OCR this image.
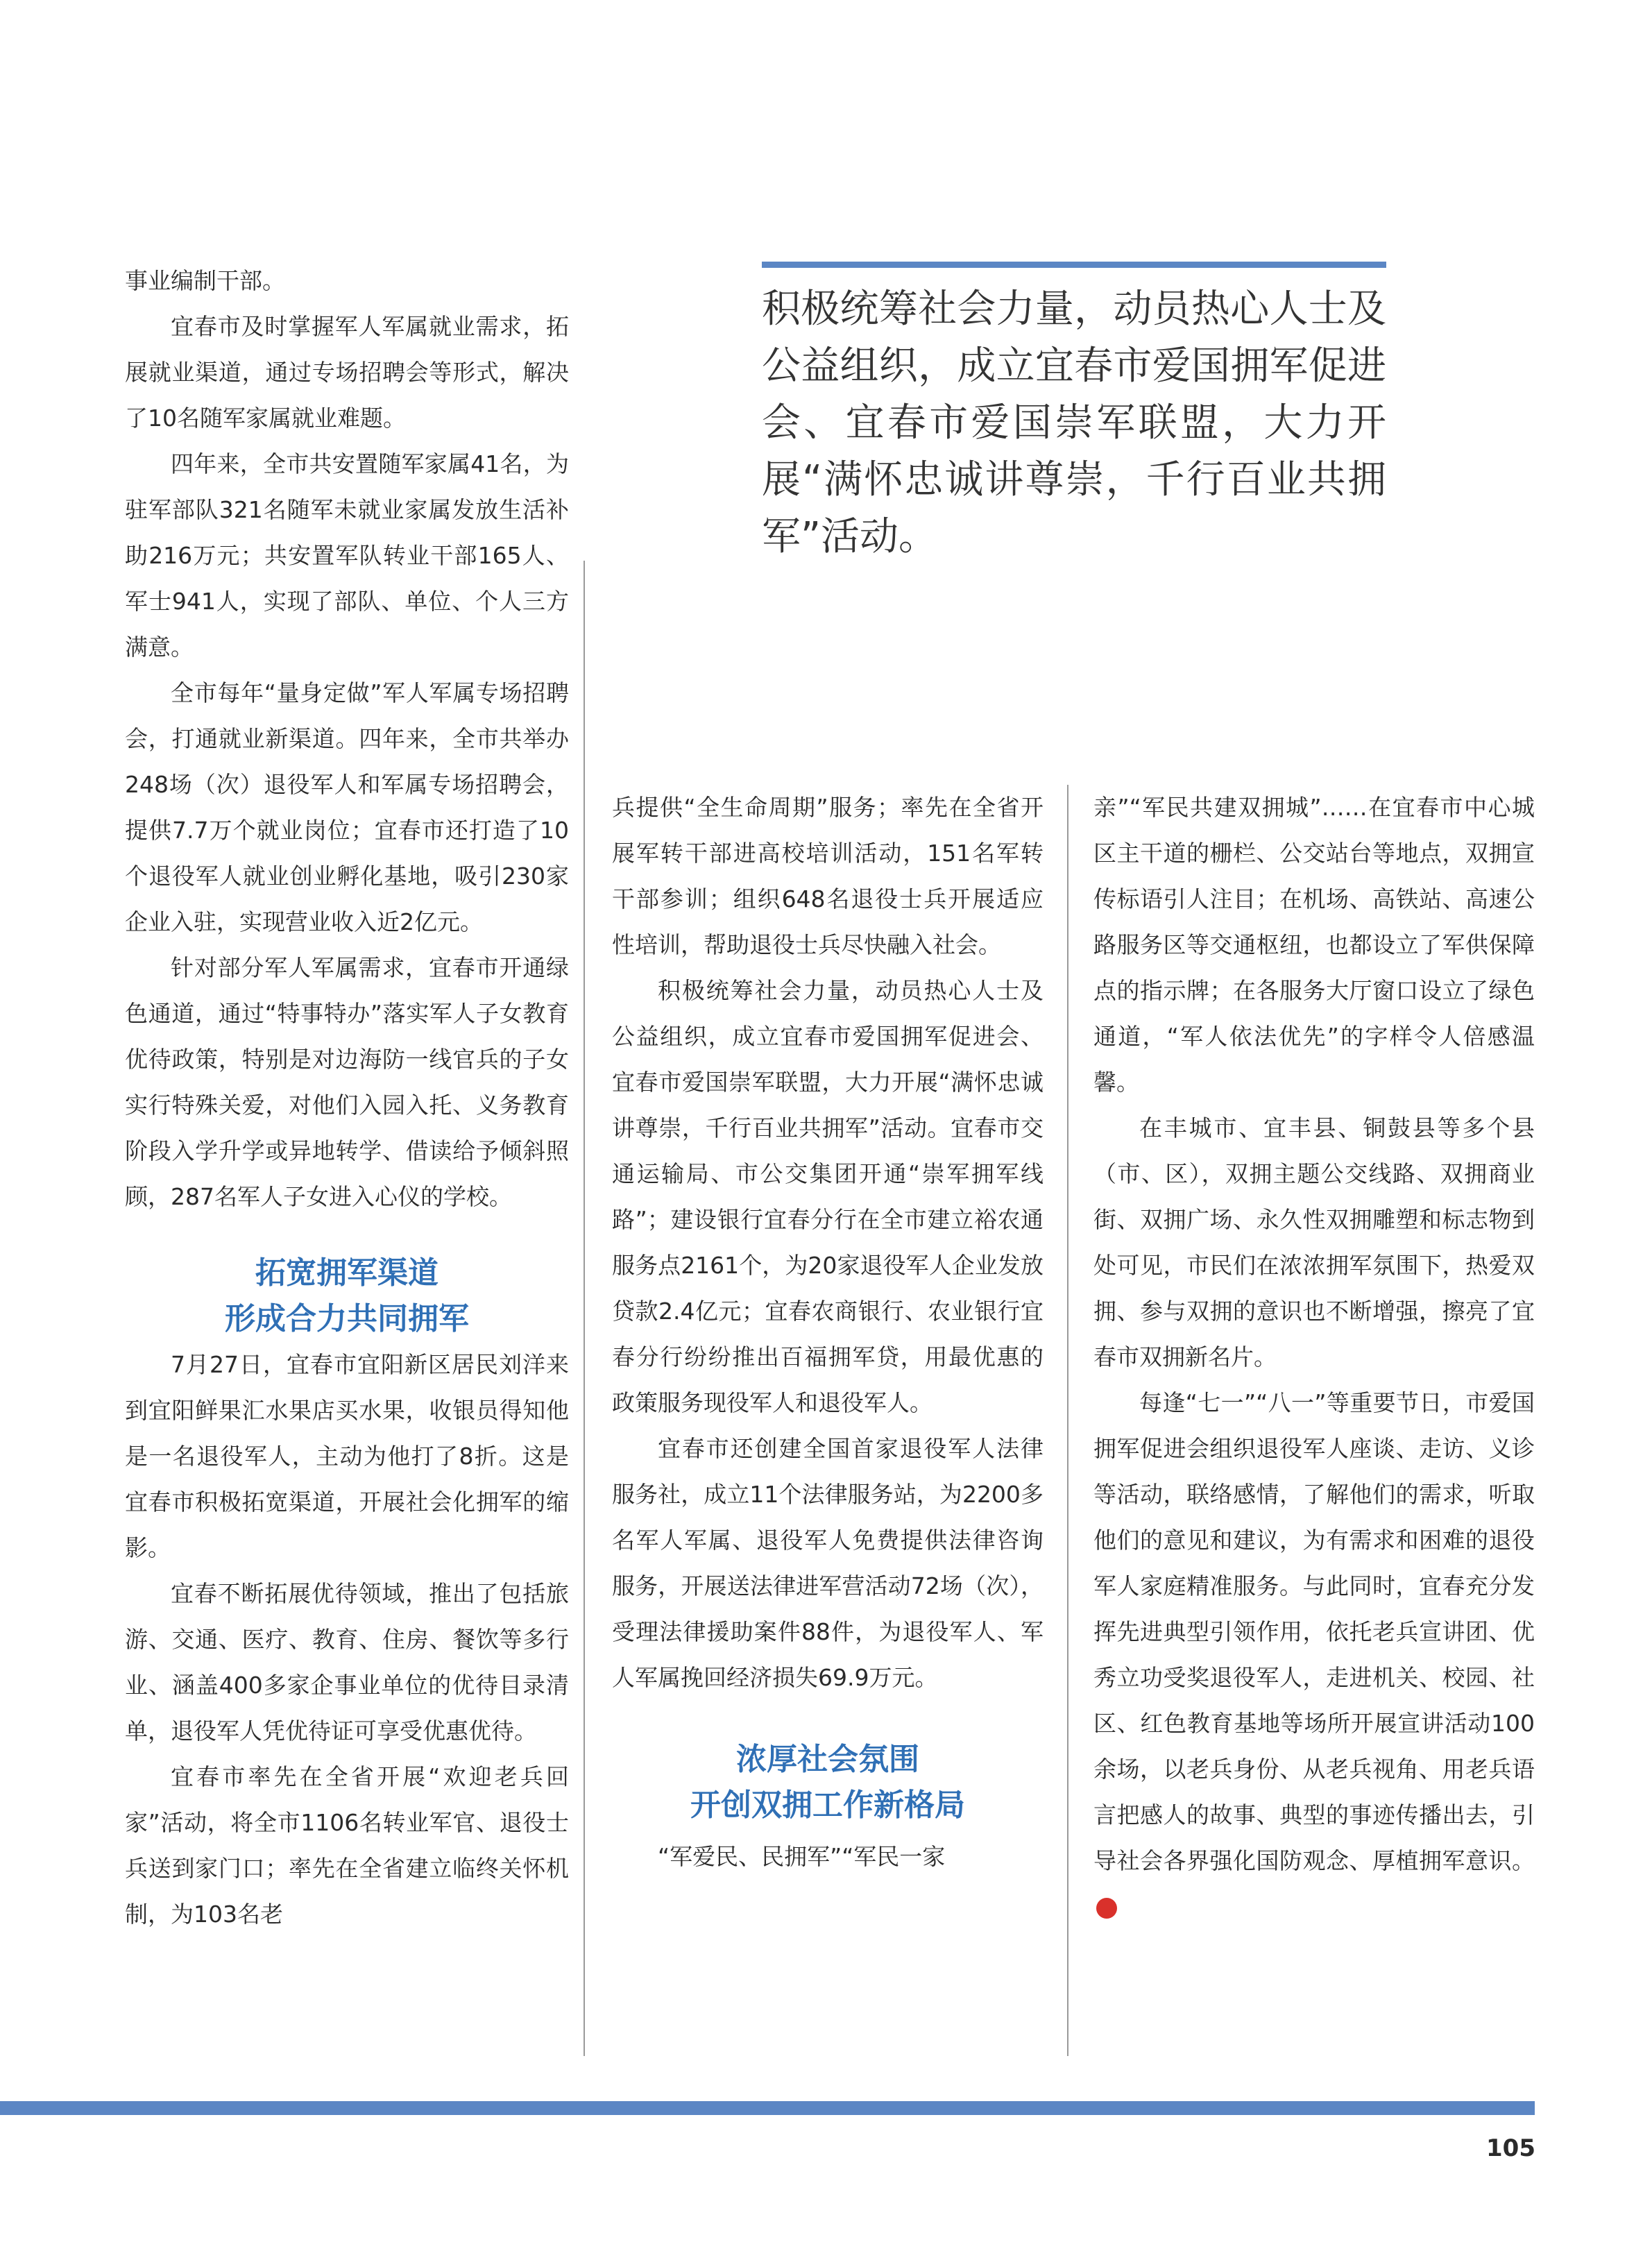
积极统筹社会力量，动员热心人士及公益组织，成立宜春市爱国拥军促进会、宜春市爱国崇军联盟，大力开展“满怀忠诚讲尊崇，千行百业共拥军”活动。

事业编制干部。

宜春市及时掌握军人军属就业需求，拓展就业渠道，通过专场招聘会等形式，解决了10名随军家属就业难题。

四年来，全市共安置随军家属41名，为驻军部队321名随军未就业家属发放生活补助216万元；共安置军队转业干部165人、军士941人，实现了部队、单位、个人三方满意。

全市每年“量身定做”军人军属专场招聘会，打通就业新渠道。四年来，全市共举办248场（次）退役军人和军属专场招聘会，提供7.7万个就业岗位；宜春市还打造了10个退役军人就业创业孵化基地，吸引230家企业入驻，实现营业收入近2亿元。

针对部分军人军属需求，宜春市开通绿色通道，通过“特事特办”落实军人子女教育优待政策，特别是对边海防一线官兵的子女实行特殊关爱，对他们入园入托、义务教育阶段入学升学或异地转学、借读给予倾斜照顾，287名军人子女进入心仪的学校。

拓宽拥军渠道
形成合力共同拥军

7月27日，宜春市宜阳新区居民刘洋来到宜阳鲜果汇水果店买水果，收银员得知他是一名退役军人，主动为他打了8折。这是宜春市积极拓宽渠道，开展社会化拥军的缩影。

宜春不断拓展优待领域，推出了包括旅游、交通、医疗、教育、住房、餐饮等多行业、涵盖400多家企事业单位的优待目录清单，退役军人凭优待证可享受优惠优待。

宜春市率先在全省开展“欢迎老兵回家”活动，将全市1106名转业军官、退役士兵送到家门口；率先在全省建立临终关怀机制，为103名老

兵提供“全生命周期”服务；率先在全省开展军转干部进高校培训活动，151名军转干部参训；组织648名退役士兵开展适应性培训，帮助退役士兵尽快融入社会。

积极统筹社会力量，动员热心人士及公益组织，成立宜春市爱国拥军促进会、宜春市爱国崇军联盟，大力开展“满怀忠诚讲尊崇，千行百业共拥军”活动。宜春市交通运输局、市公交集团开通“崇军拥军线路”；建设银行宜春分行在全市建立裕农通服务点2161个，为20家退役军人企业发放贷款2.4亿元；宜春农商银行、农业银行宜春分行纷纷推出百福拥军贷，用最优惠的政策服务现役军人和退役军人。

宜春市还创建全国首家退役军人法律服务社，成立11个法律服务站，为2200多名军人军属、退役军人免费提供法律咨询服务，开展送法律进军营活动72场（次），受理法律援助案件88件，为退役军人、军人军属挽回经济损失69.9万元。

浓厚社会氛围
开创双拥工作新格局

“军爱民、民拥军”“军民一家

亲”“军民共建双拥城”……在宜春市中心城区主干道的栅栏、公交站台等地点，双拥宣传标语引人注目；在机场、高铁站、高速公路服务区等交通枢纽，也都设立了军供保障点的指示牌；在各服务大厅窗口设立了绿色通道，“军人依法优先”的字样令人倍感温馨。

在丰城市、宜丰县、铜鼓县等多个县（市、区），双拥主题公交线路、双拥商业街、双拥广场、永久性双拥雕塑和标志物到处可见，市民们在浓浓拥军氛围下，热爱双拥、参与双拥的意识也不断增强，擦亮了宜春市双拥新名片。

每逢“七一”“八一”等重要节日，市爱国拥军促进会组织退役军人座谈、走访、义诊等活动，联络感情，了解他们的需求，听取他们的意见和建议，为有需求和困难的退役军人家庭精准服务。与此同时，宜春充分发挥先进典型引领作用，依托老兵宣讲团、优秀立功受奖退役军人，走进机关、校园、社区、红色教育基地等场所开展宣讲活动100余场，以老兵身份、从老兵视角、用老兵语言把感人的故事、典型的事迹传播出去，引导社会各界强化国防观念、厚植拥军意识。N

105
